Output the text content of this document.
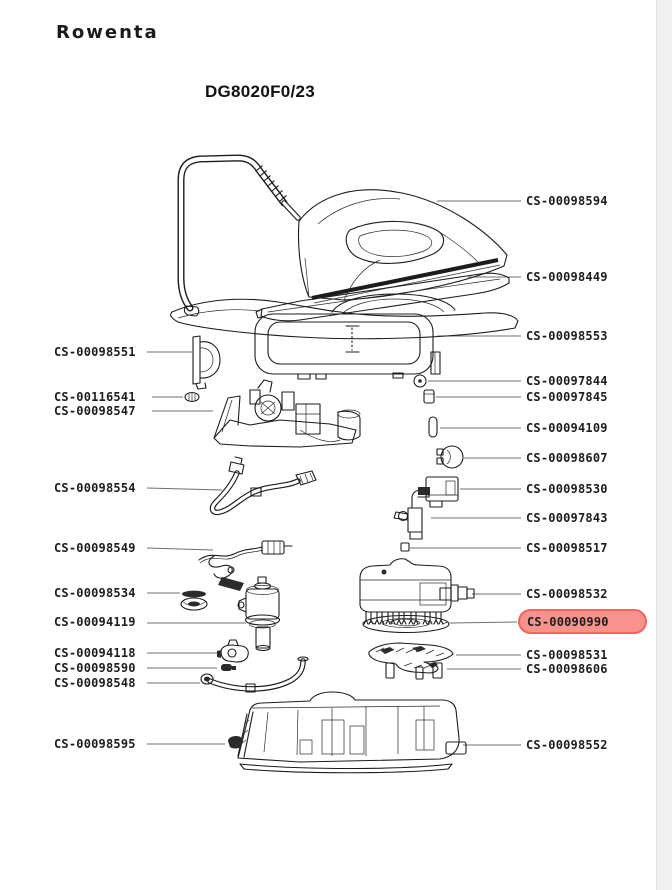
Rowenta
DG8020F0/23
CS-00098551
CS-00116541
CS-00098547
CS-00098554
CS-00098549
CS-00098534
CS-00094119
CS-00094118
CS-00098590
CS-00098548
CS-00098595
CS-00098594
CS-00098449
CS-00098553
CS-00097844
CS-00097845
CS-00094109
CS-00098607
CS-00098530
CS-00097843
CS-00098517
CS-00098532
CS-00090990
CS-00098531
CS-00098606
CS-00098552
